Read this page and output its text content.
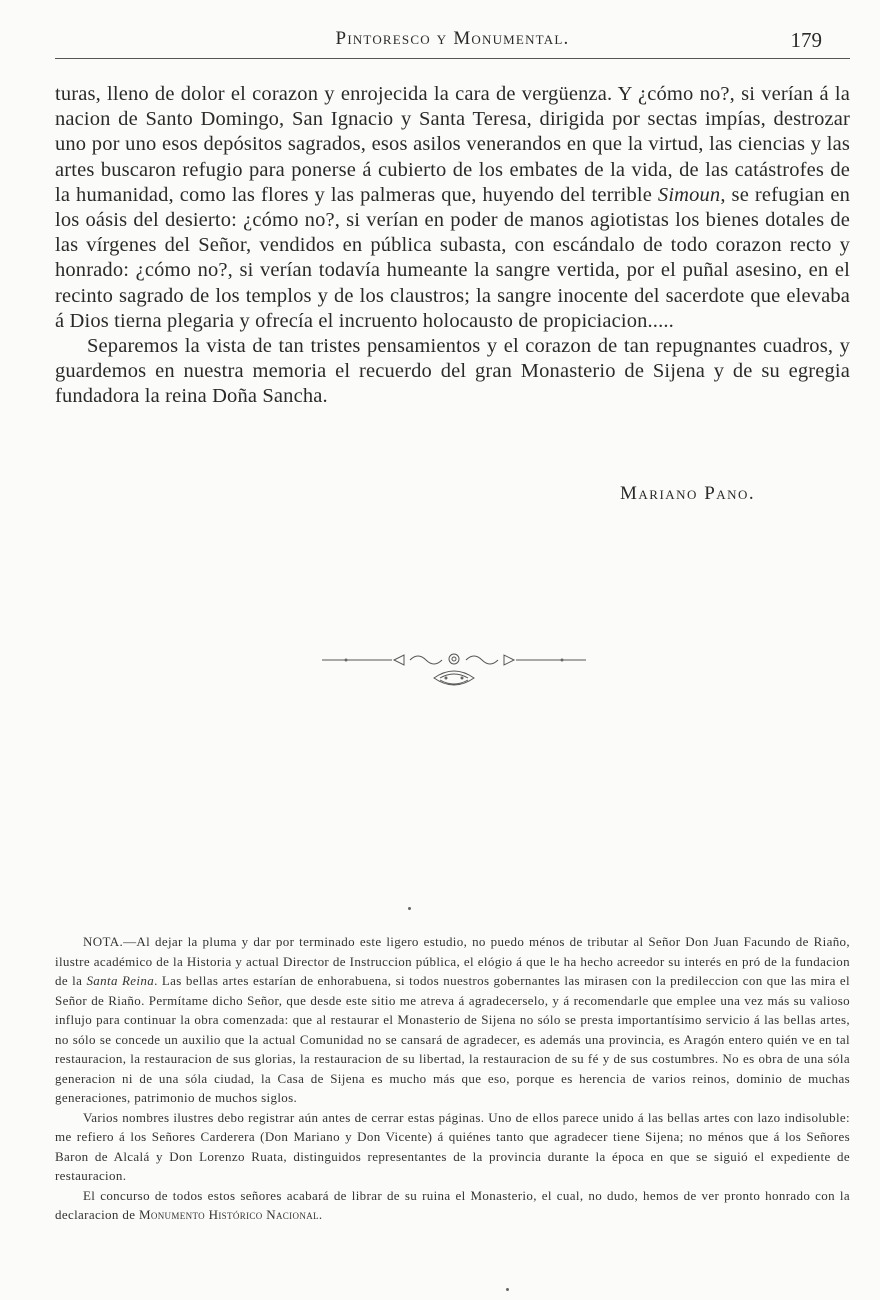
Pintoresco y Monumental.	179

turas, lleno de dolor el corazon y enrojecida la cara de vergüenza. Y ¿cómo no?, si verían á la nacion de Santo Domingo, San Ignacio y Santa Teresa, dirigida por sectas impías, destrozar uno por uno esos depósitos sagrados, esos asilos venerandos en que la virtud, las ciencias y las artes buscaron refugio para ponerse á cubierto de los embates de la vida, de las catástrofes de la humanidad, como las flores y las palmeras que, huyendo del terrible Simoun, se refugian en los oásis del desierto: ¿cómo no?, si verían en poder de manos agiotistas los bienes dotales de las vírgenes del Señor, vendidos en pública subasta, con escándalo de todo corazon recto y honrado: ¿cómo no?, si verían todavía humeante la sangre vertida, por el puñal asesino, en el recinto sagrado de los templos y de los claustros; la sangre inocente del sacerdote que elevaba á Dios tierna plegaria y ofrecía el incruento holocausto de propiciacion.....

Separemos la vista de tan tristes pensamientos y el corazon de tan repugnantes cuadros, y guardemos en nuestra memoria el recuerdo del gran Monasterio de Sijena y de su egregia fundadora la reina Doña Sancha.

Mariano Pano.

NOTA.—Al dejar la pluma y dar por terminado este ligero estudio, no puedo ménos de tributar al Señor Don Juan Facundo de Riaño, ilustre académico de la Historia y actual Director de Instruccion pública, el elógio á que le ha hecho acreedor su interés en pró de la fundacion de la Santa Reina. Las bellas artes estarían de enhorabuena, si todos nuestros gobernantes las mirasen con la predileccion con que las mira el Señor de Riaño. Permítame dicho Señor, que desde este sitio me atreva á agradecerselo, y á recomendarle que emplee una vez más su valioso influjo para continuar la obra comenzada: que al restaurar el Monasterio de Sijena no sólo se presta importantísimo servicio á las bellas artes, no sólo se concede un auxilio que la actual Comunidad no se cansará de agradecer, es además una provincia, es Aragón entero quién ve en tal restauracion, la restauracion de sus glorias, la restauracion de su libertad, la restauracion de su fé y de sus costumbres. No es obra de una sóla generacion ni de una sóla ciudad, la Casa de Sijena es mucho más que eso, porque es herencia de varios reinos, dominio de muchas generaciones, patrimonio de muchos siglos.

Varios nombres ilustres debo registrar aún antes de cerrar estas páginas. Uno de ellos parece unido á las bellas artes con lazo indisoluble: me refiero á los Señores Carderera (Don Mariano y Don Vicente) á quiénes tanto que agradecer tiene Sijena; no ménos que á los Señores Baron de Alcalá y Don Lorenzo Ruata, distinguidos representantes de la provincia durante la época en que se siguió el expediente de restauracion.

El concurso de todos estos señores acabará de librar de su ruina el Monasterio, el cual, no dudo, hemos de ver pronto honrado con la declaracion de Monumento Histórico Nacional.
